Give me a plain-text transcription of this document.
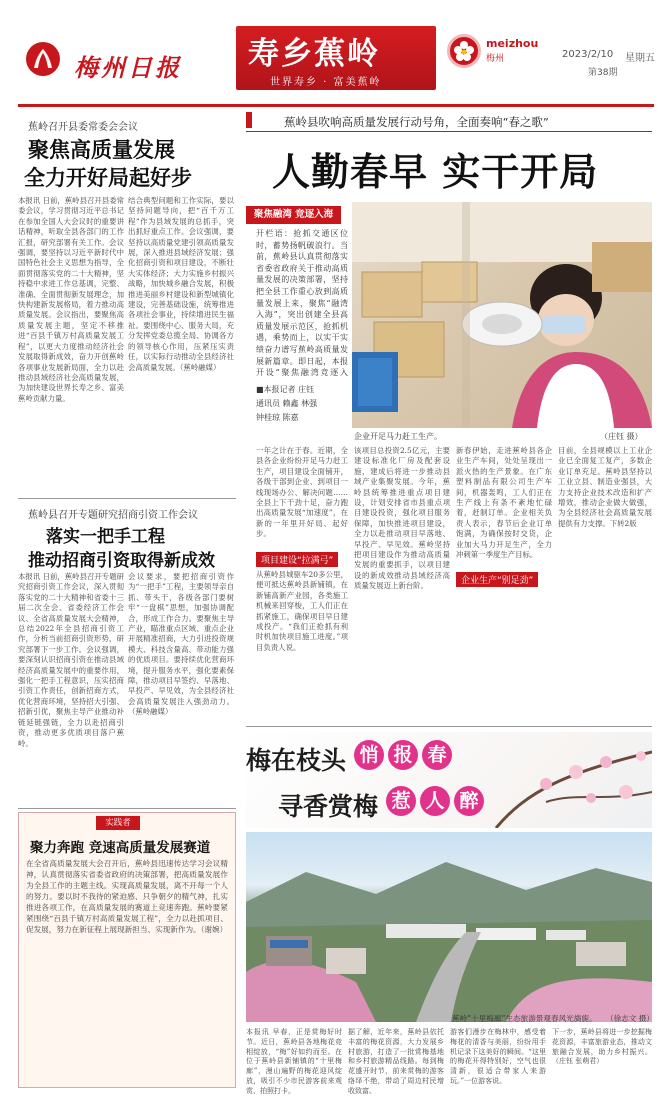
梅州日报 寿乡蕉岭
世界寿乡 · 富美蕉岭
meizhou
梅州	2023/2/10 星期五
第38期
蕉岭召开县委常委会会议
聚焦高质量发展
全力开好局起好步
本报讯 日前，蕉岭县召开县委常委会议，学习贯彻习近平总书记在参加全国人大会议时的重要讲话精神，听取全县各部门的工作汇报，研究部署有关工作。会议强调，要坚持以习近平新时代中国特色社会主义思想为指导，全面贯彻落实党的二十大精神，坚持稳中求进工作总基调，完整、准确、全面贯彻新发展理念，加快构建新发展格局，着力推动高质量发展。会议指出，要聚焦高质量发展主题，坚定不移推进“百县千镇万村高质量发展工程”，以更大力度推动经济社会发展取得新成效，奋力开创蕉岭各项事业发展新局面，全力以赴推动县域经济社会高质量发展，为加快建设世界长寿之乡、富美蕉岭贡献力量。
结合典型问题和工作实际，要以坚持问题导向，把“百千万工程”作为县域发展的总抓手，突出抓好重点工作。会议强调，要坚持以高质量党建引领高质量发展，深入推进县域经济发展；强化招商引资和项目建设，不断壮大实体经济；大力实施乡村振兴战略，加快城乡融合发展，积极推进美丽乡村建设和新型城镇化建设，完善基础设施，统筹推进各项社会事业，持续增进民生福祉。要围绕中心、服务大局，充分发挥党委总揽全局、协调各方的领导核心作用，压紧压实责任，以实际行动推动全县经济社会高质量发展。（蕉岭融媒）
蕉岭县召开专题研究招商引资工作会议
落实一把手工程
推动招商引资取得新成效
本报讯 日前，蕉岭县召开专题研究招商引资工作会议，深入贯彻落实党的二十大精神和省委十三届二次全会、省委经济工作会议、全省高质量发展大会精神，总结2022年全县招商引资工作，分析当前招商引资形势，研究部署下一步工作。会议强调，要深刻认识招商引资在推动县域经济高质量发展中的重要作用，强化一把手工程意识，压实招商引资工作责任，创新招商方式，优化营商环境，坚持招大引强、招新引优，聚焦主导产业推动补链延链强链，全力以赴招商引资，推动更多优质项目落户蕉岭。
会议要求，要把招商引资作为“一把手”工程，主要领导亲自抓、带头干，各级各部门要树牢“一盘棋”思想，加强协调配合，形成工作合力。要聚焦主导产业，瞄准重点区域、重点企业开展精准招商，大力引进投资规模大、科技含量高、带动能力强的优质项目。要持续优化营商环境，提升服务水平，强化要素保障，推动项目早签约、早落地、早投产、早见效，为全县经济社会高质量发展注入强劲动力。（蕉岭融媒）
实践者
聚力奔跑 竞速高质量发展赛道
在全省高质量发展大会召开后，蕉岭县迅速传达学习会议精神，认真贯彻落实省委省政府的决策部署，把高质量发展作为全县工作的主题主线。实现高质量发展，离不开每一个人的努力。要以时不我待的紧迫感、只争朝夕的精气神，扎实推进各项工作，在高质量发展的赛道上竞速奔跑。蕉岭要紧紧围绕“百县千镇万村高质量发展工程”，全力以赴抓项目、促发展，努力在新征程上展现新担当、实现新作为。（谢婉）
蕉岭县吹响高质量发展行动号角，全面奏响“春之歌”
人勤春早 实干开局
聚焦融湾 竞逐入海
开栏语：抢抓交通区位时，蓄势扬帆破浪行。当前，蕉岭县认真贯彻落实省委省政府关于推动高质量发展的决策部署，坚持把全县工作重心放到高质量发展上来，聚焦“融湾入海”，突出创建全县高质量发展示范区，抢抓机遇，乘势而上，以实干实绩奋力谱写蕉岭高质量发展新篇章。即日起，本报开设“聚焦融湾竞逐入
■本报记者 庄钰
通讯员 赖鑫 林强
钟桂琼 陈嘉
企业开足马力赶工生产。	（庄钰 摄）
一年之计在于春。近期，全县各企业纷纷开足马力赶工生产，项目建设全面铺开，各级干部到企业、到项目一线现场办公、解决问题……全县上下干劲十足，奋力跑出高质量发展“加速度”，在新的一年里开好局、起好步。
项目建设“拉满弓”
从蕉岭县城驱车20多公里，便可抵达蕉岭县新铺镇，在新铺高新产业园，各类施工机械来回穿梭，工人们正在抓紧施工，确保项目早日建成投产。“我们正抢抓有利时机加快项目施工进度。”项目负责人说。
该项目总投资2.5亿元，主要建设标准化厂房及配套设施，建成后将进一步推动县域产业集聚发展。今年，蕉岭县统筹推进重点项目建设，计划安排省市县重点项目建设投资，强化项目服务保障，加快推进项目建设，全力以赴推动项目早落地、早投产、早见效。蕉岭坚持把项目建设作为推动高质量发展的重要抓手，以项目建设的新成效推动县域经济高质量发展迈上新台阶。	企业生产“别足劲”
新春伊始，走进蕉岭县各企业生产车间，处处呈现出一派火热的生产景象。在广东塑料制品有限公司生产车间，机器轰鸣，工人们正在生产线上有条不紊地忙碌着，赶制订单。企业相关负责人表示，春节后企业订单饱满，为确保按时交货，企业加大马力开足生产，全力冲刺第一季度生产目标。
目前，全县规模以上工业企业已全面复工复产，多数企业订单充足。蕉岭县坚持以工业立县、制造业强县，大力支持企业技术改造和扩产增效，推动企业做大做强，为全县经济社会高质量发展提供有力支撑。下转2版
梅在枝头 悄 报 春
寻香赏梅 惹 人 醉
蕉岭“十里梅廊”生态旅游景观春风光旖旎。 （徐志文 摄）
本报讯 早春，正是赏梅好时节。近日，蕉岭县各地梅花竞相绽放，“梅”好如约而至。在位于蕉岭县新铺镇的“十里梅廊”，漫山遍野的梅花迎风绽放，吸引不少市民游客前来观赏、拍照打卡。
据了解，近年来，蕉岭县依托丰富的梅花资源，大力发展乡村旅游，打造了一批赏梅基地和乡村旅游精品线路。每到梅花盛开时节，前来赏梅的游客络绎不绝，带动了周边村民增收致富。
游客们漫步在梅林中，感受着梅花的清香与美丽，纷纷用手机记录下这美好的瞬间。“这里的梅花开得特别好，空气也很清新，很适合带家人来游玩。”一位游客说。
下一步，蕉岭县将进一步挖掘梅花资源，丰富旅游业态，推动文旅融合发展，助力乡村振兴。（庄钰 张萌君）
